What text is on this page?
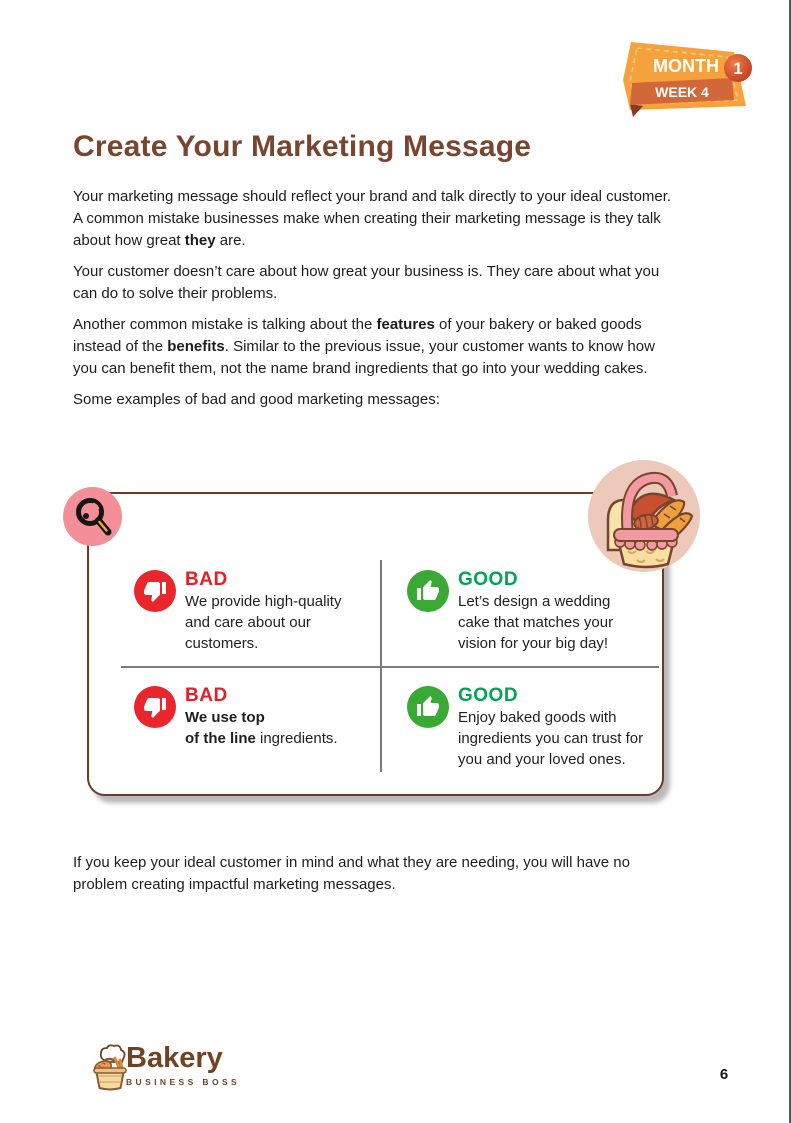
MONTH
WEEK 4
1
Create Your Marketing Message

Your marketing message should reflect your brand and talk directly to your ideal customer. A common mistake businesses make when creating their marketing message is they talk about how great they are.

Your customer doesn’t care about how great your business is. They care about what you can do to solve their problems.

Another common mistake is talking about the features of your bakery or baked goods instead of the benefits. Similar to the previous issue, your customer wants to know how you can benefit them, not the name brand ingredients that go into your wedding cakes.

Some examples of bad and good marketing messages:

BAD
We provide high-quality and care about our customers.
GOOD
Let’s design a wedding cake that matches your vision for your big day!
BAD
We use top
of the line ingredients.
GOOD
Enjoy baked goods with ingredients you can trust for you and your loved ones.

If you keep your ideal customer in mind and what they are needing, you will have no problem creating impactful marketing messages.

Bakery
BUSINESS BOSS	6
